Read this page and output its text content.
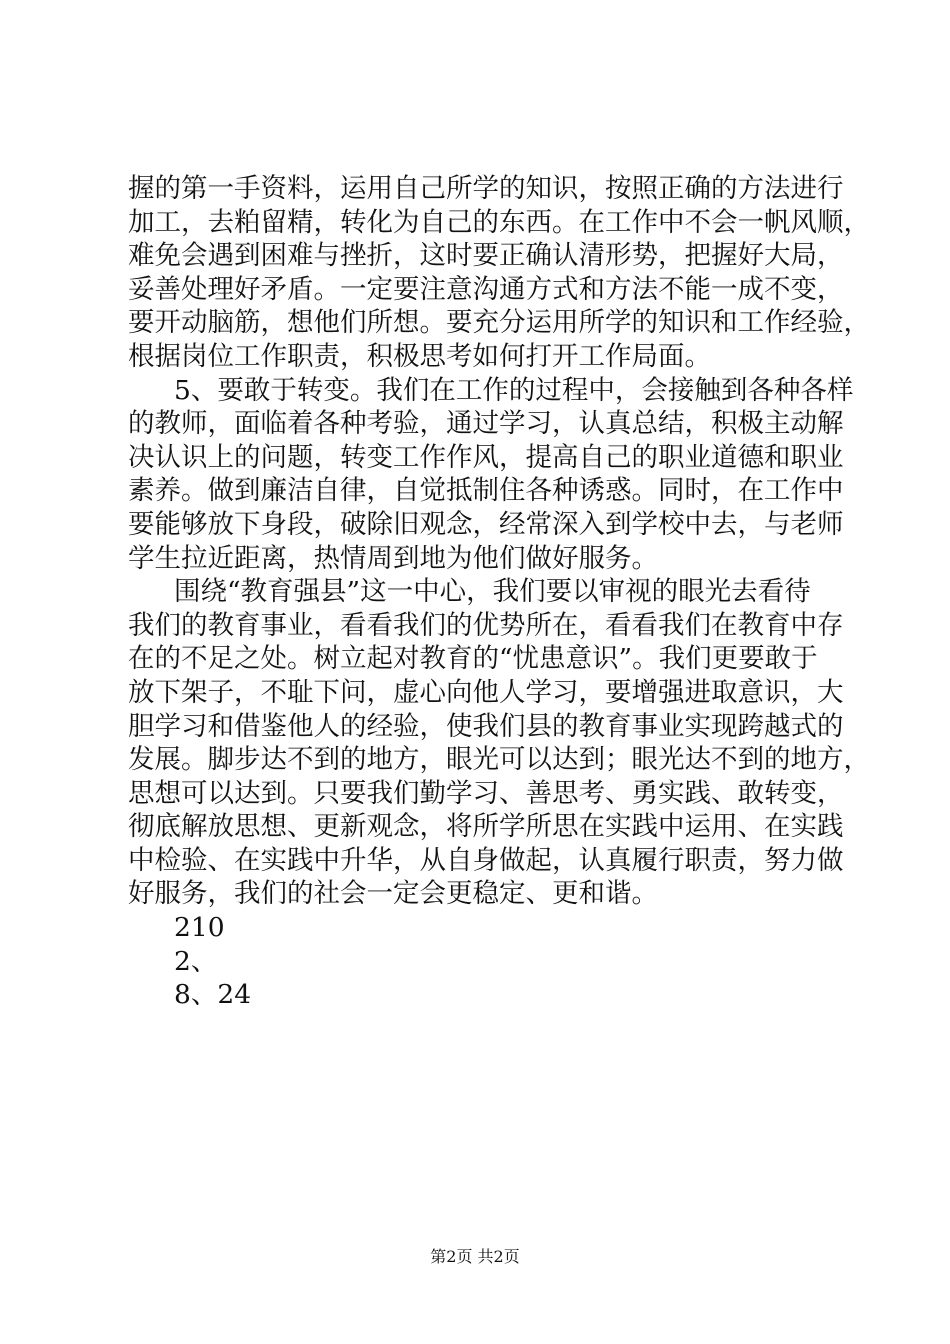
握的第一手资料，运用自己所学的知识，按照正确的方法进行
加工，去粕留精，转化为自己的东西。在工作中不会一帆风顺，
难免会遇到困难与挫折，这时要正确认清形势，把握好大局，
妥善处理好矛盾。一定要注意沟通方式和方法不能一成不变，
要开动脑筋，想他们所想。要充分运用所学的知识和工作经验，
根据岗位工作职责，积极思考如何打开工作局面。
5、要敢于转变。我们在工作的过程中，会接触到各种各样
的教师，面临着各种考验，通过学习，认真总结，积极主动解
决认识上的问题，转变工作作风，提高自己的职业道德和职业
素养。做到廉洁自律，自觉抵制住各种诱惑。同时，在工作中
要能够放下身段，破除旧观念，经常深入到学校中去，与老师
学生拉近距离，热情周到地为他们做好服务。
围绕“教育强县”这一中心，我们要以审视的眼光去看待
我们的教育事业，看看我们的优势所在，看看我们在教育中存
在的不足之处。树立起对教育的“忧患意识”。我们更要敢于
放下架子，不耻下问，虚心向他人学习，要增强进取意识，大
胆学习和借鉴他人的经验，使我们县的教育事业实现跨越式的
发展。脚步达不到的地方，眼光可以达到；眼光达不到的地方，
思想可以达到。只要我们勤学习、善思考、勇实践、敢转变，
彻底解放思想、更新观念，将所学所思在实践中运用、在实践
中检验、在实践中升华，从自身做起，认真履行职责，努力做
好服务，我们的社会一定会更稳定、更和谐。
210
2、
8、24
第2页 共2页
